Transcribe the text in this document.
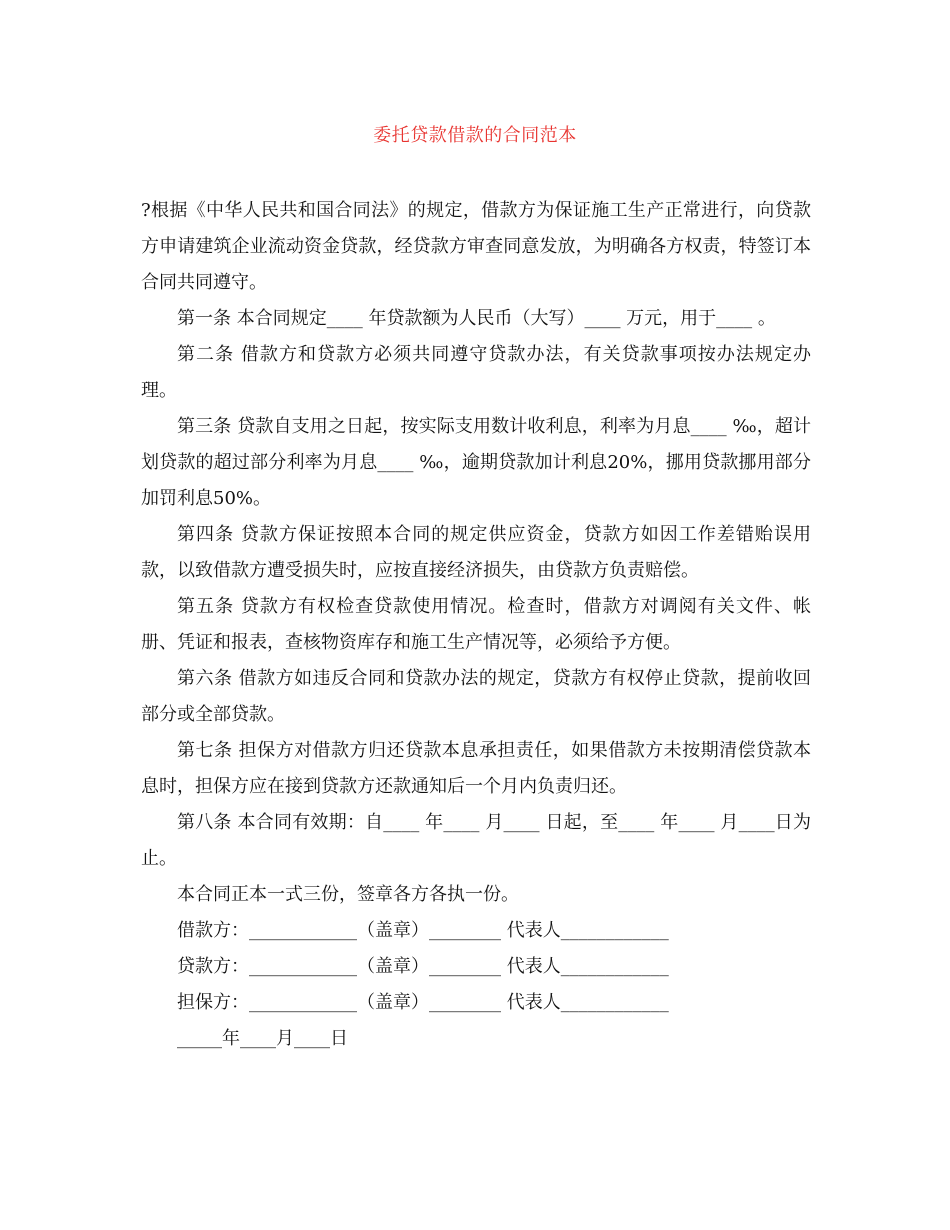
委托贷款借款的合同范本

?根据《中华人民共和国合同法》的规定，借款方为保证施工生产正常进行，向贷款方申请建筑企业流动资金贷款，经贷款方审查同意发放，为明确各方权责，特签订本合同共同遵守。

第一条 本合同规定____ 年贷款额为人民币（大写）____ 万元，用于____ 。

第二条 借款方和贷款方必须共同遵守贷款办法，有关贷款事项按办法规定办理。

第三条 贷款自支用之日起，按实际支用数计收利息，利率为月息____ ‰，超计划贷款的超过部分利率为月息____ ‰，逾期贷款加计利息20%，挪用贷款挪用部分加罚利息50%。

第四条 贷款方保证按照本合同的规定供应资金，贷款方如因工作差错贻误用款，以致借款方遭受损失时，应按直接经济损失，由贷款方负责赔偿。

第五条 贷款方有权检查贷款使用情况。检查时，借款方对调阅有关文件、帐册、凭证和报表，查核物资库存和施工生产情况等，必须给予方便。

第六条 借款方如违反合同和贷款办法的规定，贷款方有权停止贷款，提前收回部分或全部贷款。

第七条 担保方对借款方归还贷款本息承担责任，如果借款方未按期清偿贷款本息时，担保方应在接到贷款方还款通知后一个月内负责归还。

第八条 本合同有效期：自____ 年____ 月____ 日起，至____ 年____ 月____日为止。

本合同正本一式三份，签章各方各执一份。

借款方：____________（盖章）________ 代表人____________

贷款方：____________（盖章）________ 代表人____________

担保方：____________（盖章）________ 代表人____________

_____年____月____日
